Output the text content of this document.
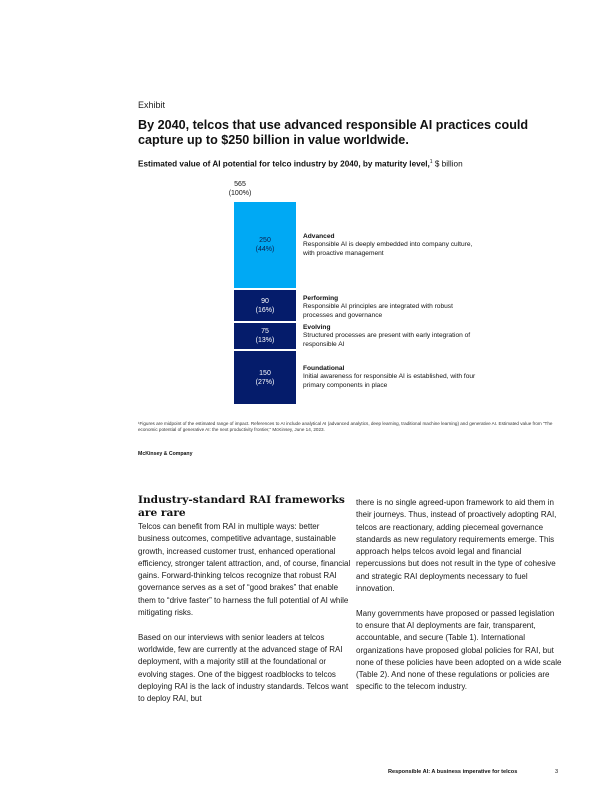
Exhibit
By 2040, telcos that use advanced responsible AI practices could capture up to $250 billion in value worldwide.
Estimated value of AI potential for telco industry by 2040, by maturity level,$^1$ $ billion
565
(100%)
250
(44%)
90
(16%)
75
(13%)
150
(27%)
Advanced
Responsible AI is deeply embedded into company culture, with proactive management
Performing
Responsible AI principles are integrated with robust processes and governance
Evolving
Structured processes are present with early integration of responsible AI
Foundational
Initial awareness for responsible AI is established, with four primary components in place
¹Figures are midpoint of the estimated range of impact. References to AI include analytical AI (advanced analytics, deep learning, traditional machine learning) and generative AI. Estimated value from “The economic potential of generative AI: the next productivity frontier,” McKinsey, June 14, 2023.
McKinsey & Company
Industry-standard RAI frameworks are rare

Telcos can benefit from RAI in multiple ways: better business outcomes, competitive advantage, sustainable growth, increased customer trust, enhanced operational efficiency, stronger talent attraction, and, of course, financial gains. Forward-thinking telcos recognize that robust RAI governance serves as a set of “good brakes” that enable them to “drive faster” to harness the full potential of AI while mitigating risks.

Based on our interviews with senior leaders at telcos worldwide, few are currently at the advanced stage of RAI deployment, with a majority still at the foundational or evolving stages. One of the biggest roadblocks to telcos deploying RAI is the lack of industry standards. Telcos want to deploy RAI, but

there is no single agreed-upon framework to aid them in their journeys. Thus, instead of proactively adopting RAI, telcos are reactionary, adding piecemeal governance standards as new regulatory requirements emerge. This approach helps telcos avoid legal and financial repercussions but does not result in the type of cohesive and strategic RAI deployments necessary to fuel innovation.

Many governments have proposed or passed legislation to ensure that AI deployments are fair, transparent, accountable, and secure (Table 1). International organizations have proposed global policies for RAI, but none of these policies have been adopted on a wide scale (Table 2). And none of these regulations or policies are specific to the telecom industry.

Responsible AI: A business imperative for telcos	3
